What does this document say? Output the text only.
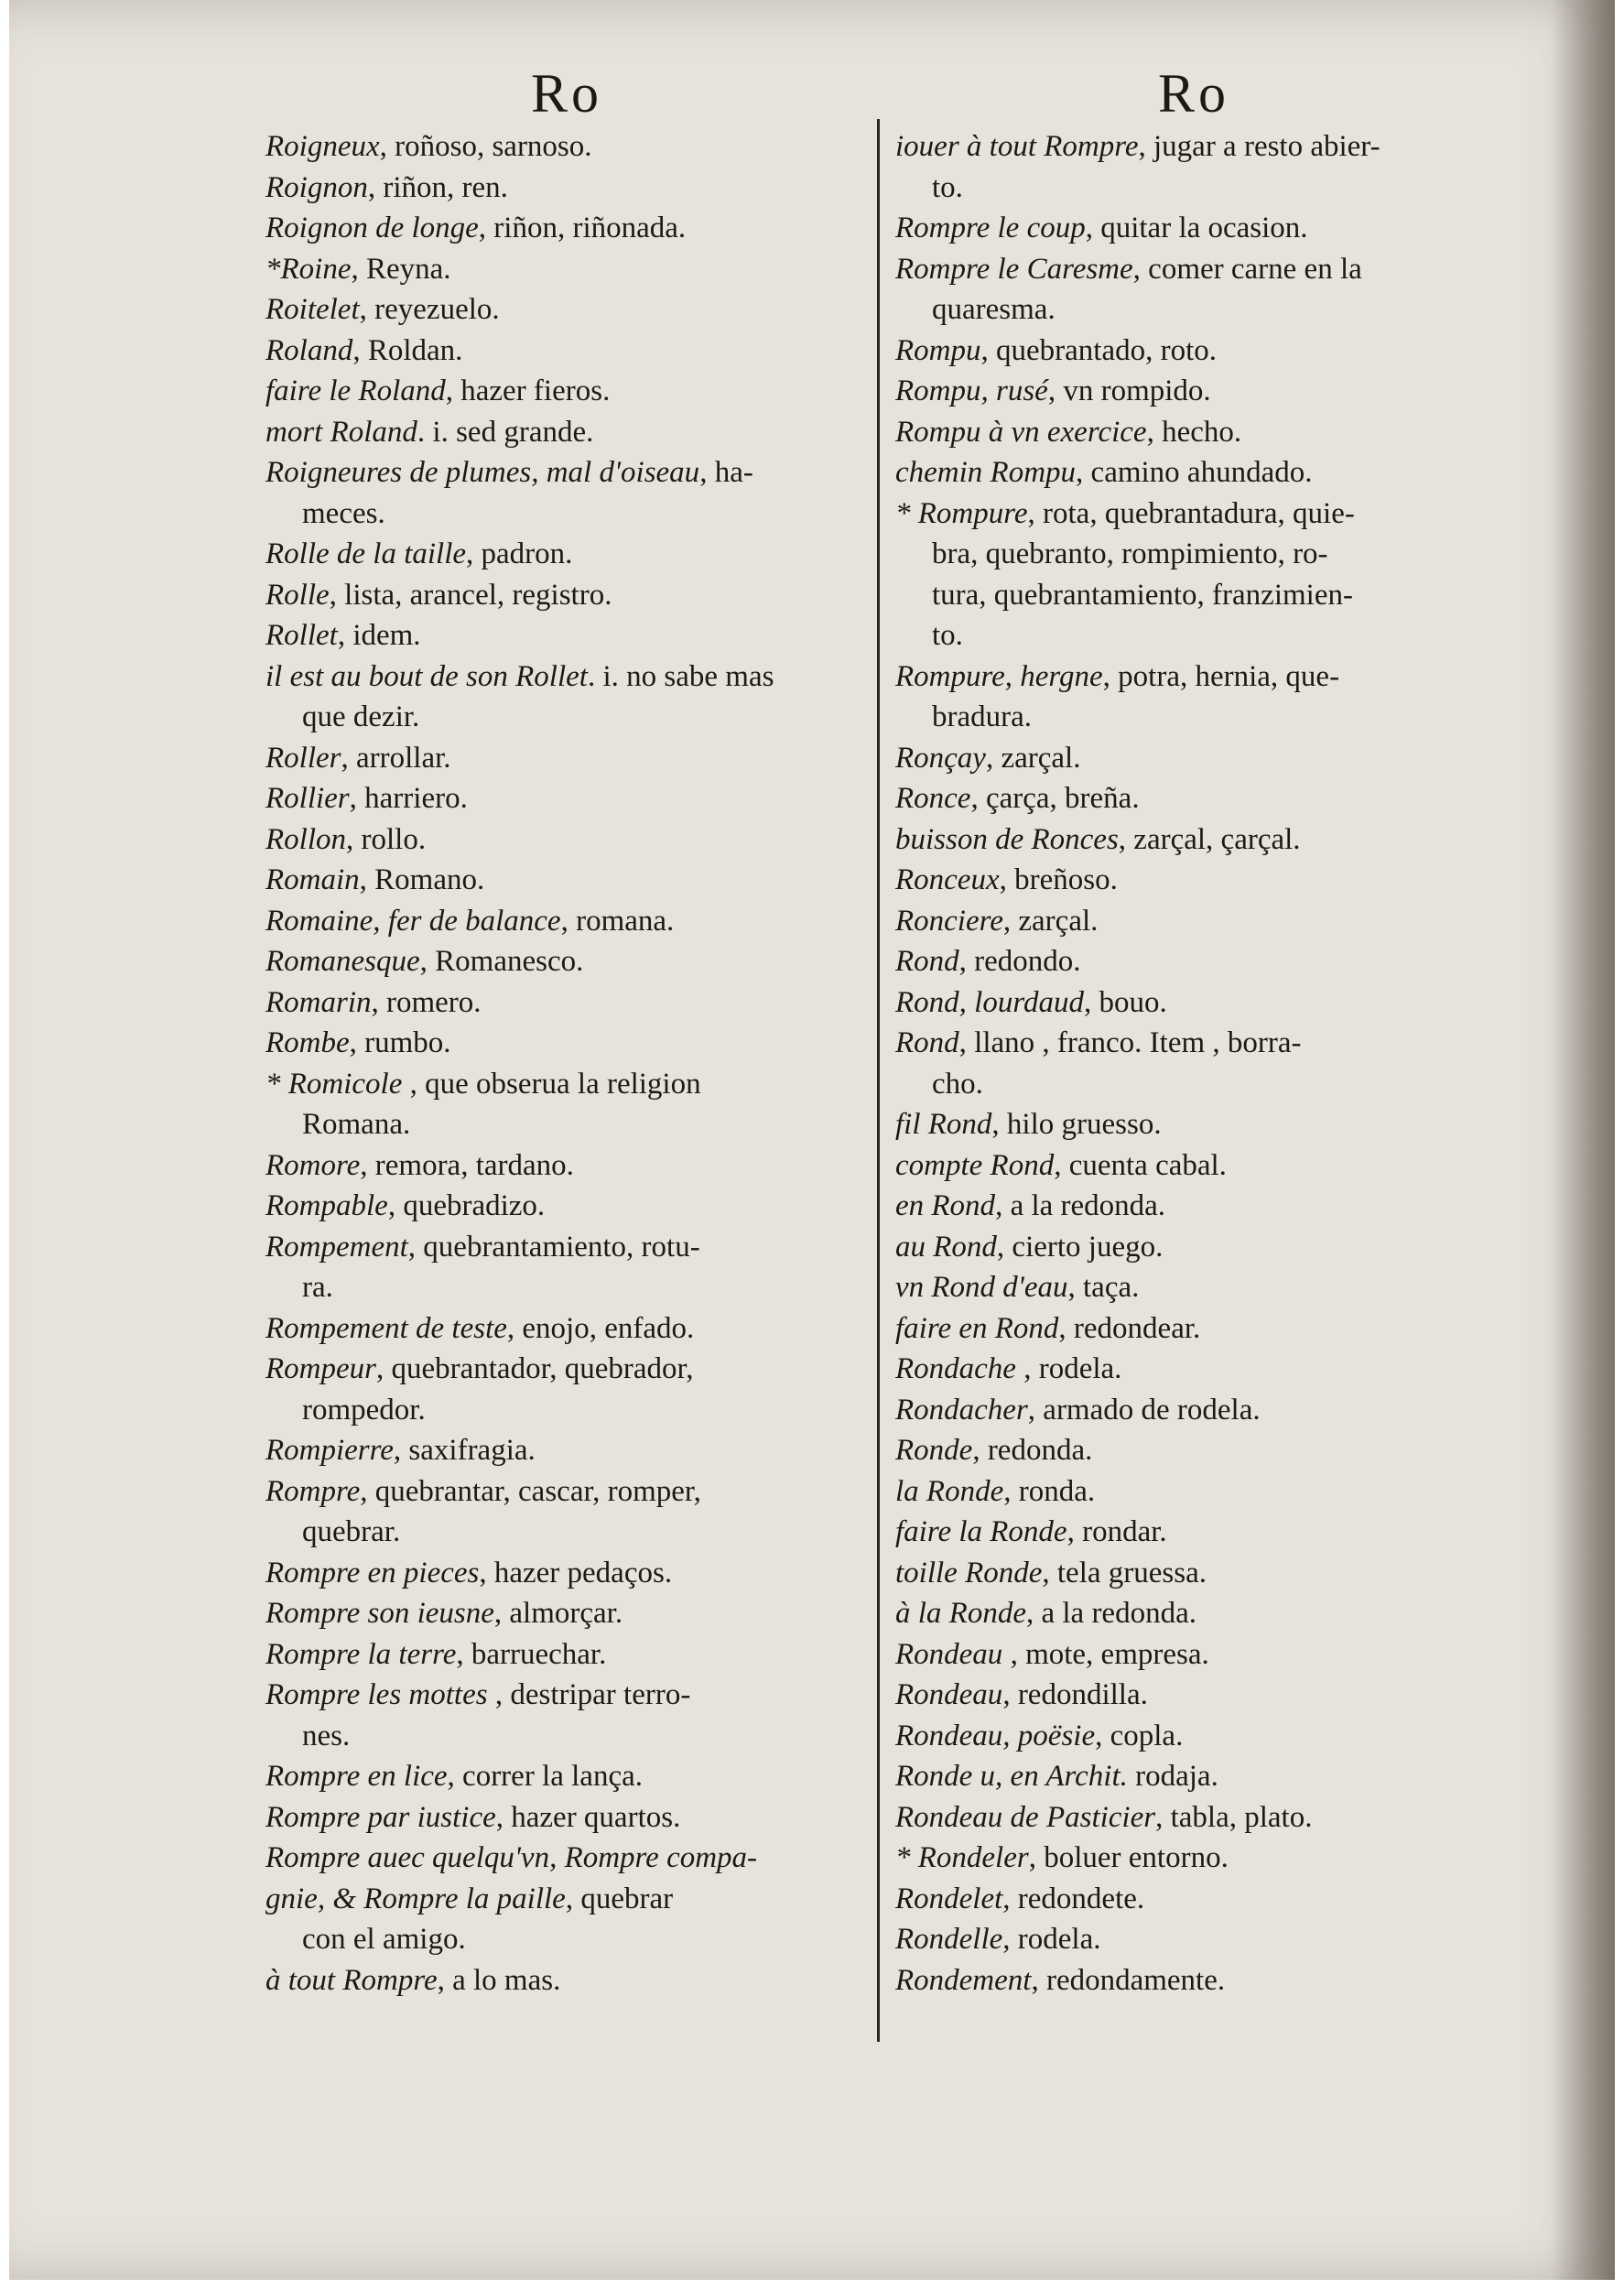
Ro	Ro
Roigneux, roñoso, sarnoso.
Roignon, riñon, ren.
Roignon de longe, riñon, riñonada.
*Roine, Reyna.
Roitelet, reyezuelo.
Roland, Roldan.
faire le Roland, hazer fieros.
mort Roland. i. sed grande.
Roigneures de plumes, mal d'oiseau, ha-
meces.
Rolle de la taille, padron.
Rolle, lista, arancel, registro.
Rollet, idem.
il est au bout de son Rollet. i. no sabe mas
que dezir.
Roller, arrollar.
Rollier, harriero.
Rollon, rollo.
Romain, Romano.
Romaine, fer de balance, romana.
Romanesque, Romanesco.
Romarin, romero.
Rombe, rumbo.
* Romicole , que obserua la religion
Romana.
Romore, remora, tardano.
Rompable, quebradizo.
Rompement, quebrantamiento, rotu-
ra.
Rompement de teste, enojo, enfado.
Rompeur, quebrantador, quebrador,
rompedor.
Rompierre, saxifragia.
Rompre, quebrantar, cascar, romper,
quebrar.
Rompre en pieces, hazer pedaços.
Rompre son ieusne, almorçar.
Rompre la terre, barruechar.
Rompre les mottes , destripar terro-
nes.
Rompre en lice, correr la lança.
Rompre par iustice, hazer quartos.
Rompre auec quelqu'vn, Rompre compa-
gnie, & Rompre la paille, quebrar
con el amigo.
à tout Rompre, a lo mas.
iouer à tout Rompre, jugar a resto abier-
to.
Rompre le coup, quitar la ocasion.
Rompre le Caresme, comer carne en la
quaresma.
Rompu, quebrantado, roto.
Rompu, rusé, vn rompido.
Rompu à vn exercice, hecho.
chemin Rompu, camino ahundado.
* Rompure, rota, quebrantadura, quie-
bra, quebranto, rompimiento, ro-
tura, quebrantamiento, franzimien-
to.
Rompure, hergne, potra, hernia, que-
bradura.
Ronçay, zarçal.
Ronce, çarça, breña.
buisson de Ronces, zarçal, çarçal.
Ronceux, breñoso.
Ronciere, zarçal.
Rond, redondo.
Rond, lourdaud, bouo.
Rond, llano , franco. Item , borra-
cho.
fil Rond, hilo gruesso.
compte Rond, cuenta cabal.
en Rond, a la redonda.
au Rond, cierto juego.
vn Rond d'eau, taça.
faire en Rond, redondear.
Rondache , rodela.
Rondacher, armado de rodela.
Ronde, redonda.
la Ronde, ronda.
faire la Ronde, rondar.
toille Ronde, tela gruessa.
à la Ronde, a la redonda.
Rondeau , mote, empresa.
Rondeau, redondilla.
Rondeau, poësie, copla.
Ronde u, en Archit. rodaja.
Rondeau de Pasticier, tabla, plato.
* Rondeler, boluer entorno.
Rondelet, redondete.
Rondelle, rodela.
Rondement, redondamente.
